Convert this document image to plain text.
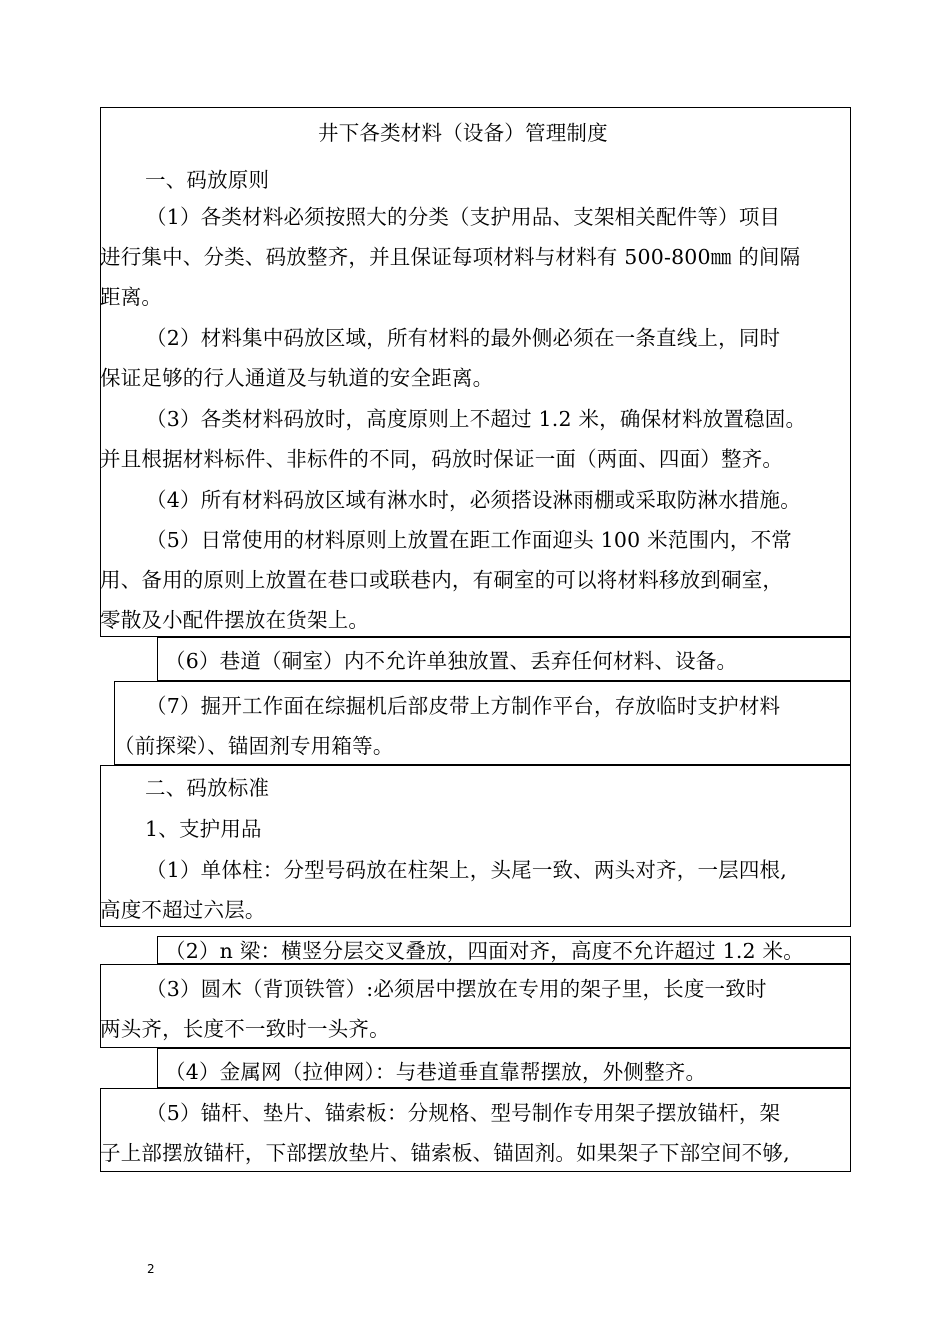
井下各类材料（设备）管理制度
一、码放原则
（1）各类材料必须按照大的分类（支护用品、支架相关配件等）项目
进行集中、分类、码放整齐，并且保证每项材料与材料有 500-800㎜ 的间隔
距离。
（2）材料集中码放区域，所有材料的最外侧必须在一条直线上，同时
保证足够的行人通道及与轨道的安全距离。
（3）各类材料码放时，高度原则上不超过 1.2 米，确保材料放置稳固。
并且根据材料标件、非标件的不同，码放时保证一面（两面、四面）整齐。
（4）所有材料码放区域有淋水时，必须搭设淋雨棚或采取防淋水措施。
（5）日常使用的材料原则上放置在距工作面迎头 100 米范围内，不常
用、备用的原则上放置在巷口或联巷内，有硐室的可以将材料移放到硐室，
零散及小配件摆放在货架上。
（6）巷道（硐室）内不允许单独放置、丢弃任何材料、设备。
（7）掘开工作面在综掘机后部皮带上方制作平台，存放临时支护材料
（前探梁）、锚固剂专用箱等。
二、码放标准
1、支护用品
（1）单体柱：分型号码放在柱架上，头尾一致、两头对齐，一层四根,
高度不超过六层。
（2）n 梁：横竖分层交叉叠放，四面对齐，高度不允许超过 1.2 米。
（3）圆木（背顶铁管）:必须居中摆放在专用的架子里，长度一致时
两头齐，长度不一致时一头齐。
（4）金属网（拉伸网）：与巷道垂直靠帮摆放，外侧整齐。
（5）锚杆、垫片、锚索板：分规格、型号制作专用架子摆放锚杆，架
子上部摆放锚杆，下部摆放垫片、锚索板、锚固剂。如果架子下部空间不够,
2
